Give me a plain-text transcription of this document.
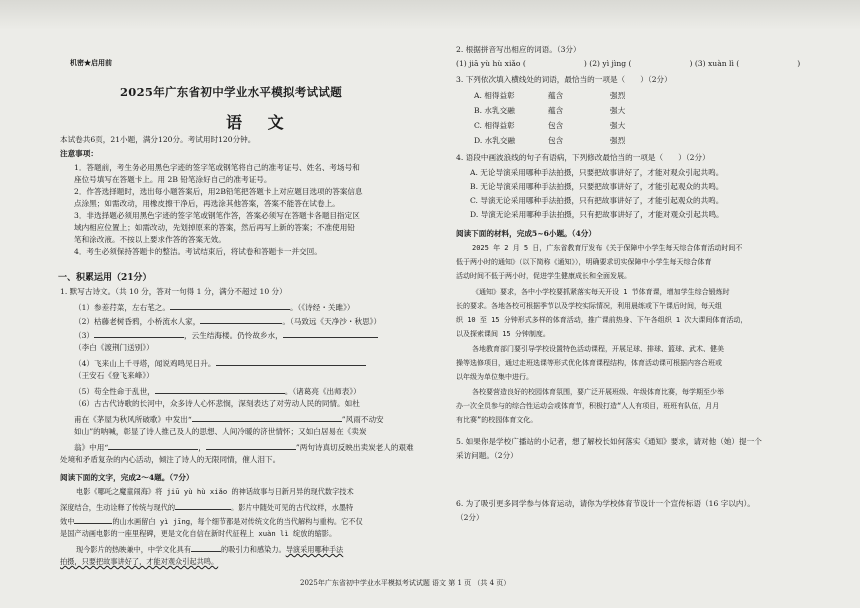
机密★启用前
2025年广东省初中学业水平模拟考试试题
语 文
本试卷共6页，21小题，满分120分。考试用时120分钟。
注意事项：
1．答题前，考生务必用黑色字迹的签字笔或钢笔将自己的准考证号、姓名、考场号和
座位号填写在答题卡上。用 2B 铅笔涂好自己的准考证号。
2．作答选择题时，选出每小题答案后，用2B铅笔把答题卡上对应题目选项的答案信息
点涂黑；如需改动，用橡皮擦干净后，再选涂其他答案，答案不能答在试卷上。
3．非选择题必须用黑色字迹的签字笔或钢笔作答，答案必须写在答题卡各题目指定区
域内相应位置上；如需改动，先划掉原来的答案，然后再写上新的答案；不准使用铅
笔和涂改液。不按以上要求作答的答案无效。
4．考生必须保持答题卡的整洁。考试结束后，将试卷和答题卡一并交回。
一、积累运用（21分）
1. 默写古诗文。（共 10 分，答对一句得 1 分，满分不超过 10 分）
（1）参差荇菜，左右芼之。	。（《诗经・关雎》）
（2）枯藤老树昏鸦，小桥流水人家，	。（马致远《天净沙・秋思》）
（3）	，云生结海楼。仍怜故乡水，
（李白《渡荆门送别》）
（4）飞来山上千寻塔，闻说鸡鸣见日升。
（王安石《登飞来峰》）
（5）苟全性命于乱世，	。（诸葛亮《出师表》）
（6）古古代诗歌的长河中，众多诗人心怀悲悯，深刻表达了对劳动人民的同情。如杜
甫在《茅屋为秋风所破歌》中发出“	”风雨不动安
如山”的呐喊，彰显了诗人推己及人的思想、人间冷暖的济世情怀；又如白居易在《卖炭
翁》中用“	，	”两句诗真切反映出卖炭老人的艰难
处境和矛盾复杂的内心活动，倾注了诗人的无限同情，催人泪下。
阅读下面的文字，完成2～4题。（7分）
电影《哪吒之魔童闹海》将 jiū yù hù xiǎo 的神话故事与日新月异的现代数字技术
深度结合，生动诠释了传统与现代的	。影片中随处可见的古代纹样，水墨特
效中	的山水画留白 yì jīng，每个细节都是对传统文化的当代解构与重构。它不仅
是国产动画电影的一座里程碑，更是文化自信在新时代征程上 xuàn lì 绽放的缩影。
现今影片的热映兼中，中学文化具有	的吸引力和感染力。导演采用哪种手法
拍摄，只要把故事讲好了，才能对观众引起共鸣。
2. 根据拼音写出相应的词语。（3分）
(1) jiā yù hù xiǎo (	) (2) yì jìng (	) (3) xuàn lì (	)
3. 下列依次填入横线处的词语，最恰当的一项是（　　）（2分）
A. 相得益彰	蕴含	强烈
B. 水乳交融	蕴含	强大
C. 相得益彰	包含	强大
D. 水乳交融	包含	强烈
4. 语段中画波浪线的句子有语病，下列修改最恰当的一项是（　　）（2分）
A. 无论导演采用哪种手法拍摄，只要把故事讲好了，才能对观众引起共鸣。
B. 无论导演采用哪种手法拍摄，只要把故事讲好了，才能引起观众的共鸣。
C. 导演无论采用哪种手法拍摄，只有把故事讲好了，才能引起观众的共鸣。
D. 导演无论采用哪种手法拍摄，只有把故事讲好了，才能对观众引起共鸣。
阅读下面的材料，完成5~6小题。（4分）
2025 年 2 月 5 日，广东省教育厅发布《关于保障中小学生每天综合体育活动时间不
低于两小时的通知》（以下简称《通知》），明确要求切实保障中小学生每天综合体育
活动时间不低于两小时，促进学生健康成长和全面发展。
《通知》要求，各中小学校要抓紧落实每天开设 1 节体育课，增加学生综合锻炼时
长的要求。各地各校可根据季节以及学校实际情况，利用晨练或下午课后时间，每天组
织 10 至 15 分钟形式多样的体育活动，推广课前热身、下午各组织 1 次大课间体育活动，
以及探索课间 15 分钟制度。
各地教育部门要引导学校设置特色活动课程，开展足球、排球、篮球、武术、健美
操等选修项目，通过走班选课等形式优化体育课程结构，体育活动课可根据内容合班或
以年级为单位集中进行。
各校要营造良好的校园体育氛围，要广泛开展班级、年级体育比赛，每学期至少举
办一次全员参与的综合性运动会或体育节，积极打造“人人有项目，班班有队伍，月月
有比赛”的校园体育文化。
5. 如果你是学校广播站的小记者，想了解校长如何落实《通知》要求，请对他（她）提一个
采访问题。（2分）
6. 为了吸引更多同学参与体育运动，请你为学校体育节设计一个宣传标语（16 字以内）。
（2分）
2025年广东省初中学业水平模拟考试试题 语文 第 1 页 （共 4 页）
